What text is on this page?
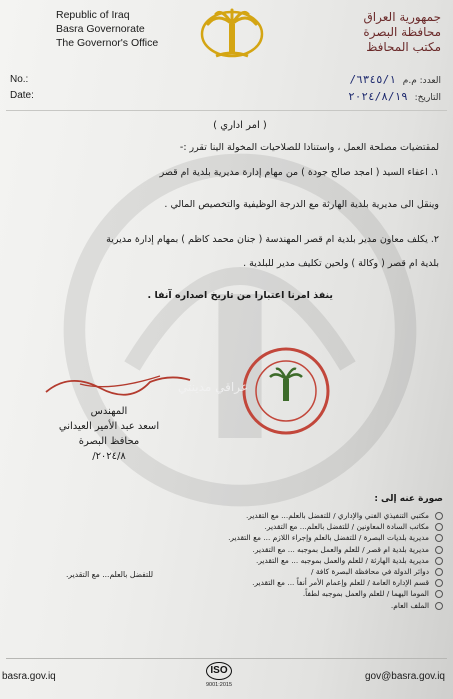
Republic of Iraq
Basra Governorate
The Governor's Office
جمهورية العراق
محافظة البصرة
مكتب المحافظ
No.:
Date:
العدد: م.م ٦٣٤٥/١/
التاريخ: ٢٠٢٤/٨/١٩
( امر اداري )
لمقتضيات مصلحة العمل ، واستنادا للصلاحيات المخولة الينا تقرر :-
١. اعفاء السيد ( امجد صالح جودة ) من مهام إدارة مديرية بلدية ام قصر
وينقل الى مديرية بلدية الهارثة مع الدرجة الوظيفية والتخصيص المالي .
٢. يكلف معاون مدير بلدية ام قصر المهندسة ( جنان محمد كاظم ) بمهام إدارة مديرية
بلدية ام قصر ( وكالة ) ولحين تكليف مدير للبلدية .
ينفذ امرنا اعتبارا من تاريخ اصداره آنفا .
عراقي مدينتي
المهندس
اسعد عبد الأمير العيداني
محافظ البصرة
٢٠٢٤/٨/
صورة عنه إلى :
مكتبي التنفيذي الفني والإداري / للتفضل بالعلم... مع التقدير.
مكاتب السادة المعاونين / للتفضل بالعلم... مع التقدير.
مديرية بلديات البصرة / للتفضل بالعلم وإجراء اللازم ... مع التقدير.
مديرية بلدية ام قصر / للعلم والعمل بموجبه ... مع التقدير.
مديرية بلدية الهارثة / للعلم والعمل بموجبه ... مع التقدير.
دوائر الدولة في محافظة البصرة كافة /
قسم الإدارة العامة / للعلم وإعمام الأمر أنفاً ... مع التقدير.
الموما اليهما / للعلم والعمل بموجبه لطفاً.
الملف العام.
للتفضل بالعلم... مع التقدير.
basra.gov.iq
ISO
9001:2015
gov@basra.gov.iq
